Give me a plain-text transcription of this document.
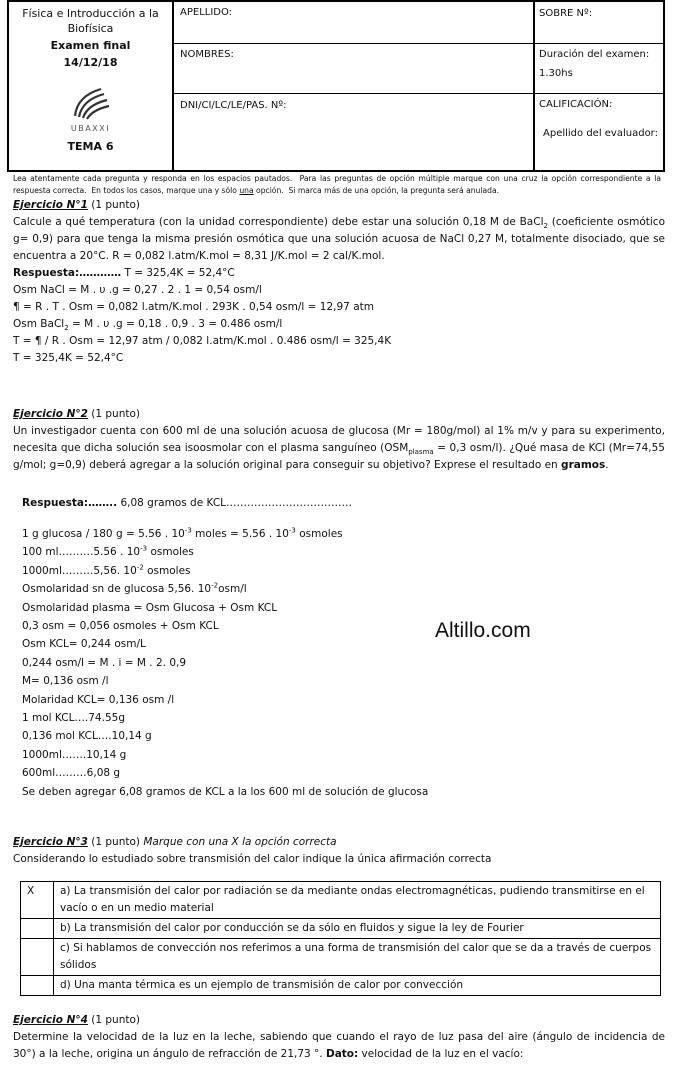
Física e Introducción a la Biofísica
Examen final
14/12/18
UBAXXI
TEMA 6
APELLIDO:
NOMBRES:
DNI/CI/LC/LE/PAS. Nº:
SOBRE Nº:
Duración del examen:
1.30hs
CALIFICACIÓN:
Apellido del evaluador:
Lea atentamente cada pregunta y responda en los espacios pautados. Para las preguntas de opción múltiple marque con una cruz la opción correspondiente a la respuesta correcta. En todos los casos, marque una y sólo una opción. Si marca más de una opción, la pregunta será anulada.
Ejercicio N°1 (1 punto)
Calcule a qué temperatura (con la unidad correspondiente) debe estar una solución 0,18 M de BaCl$_2$ (coeficiente osmótico g= 0,9) para que tenga la misma presión osmótica que una solución acuosa de NaCl 0,27 M, totalmente disociado, que se encuentra a 20°C. R = 0,082 l.atm/K.mol = 8,31 J/K.mol = 2 cal/K.mol.
Respuesta:………… T = 325,4K = 52,4°C
Osm NaCl = M . υ .g = 0,27 . 2 . 1 = 0,54 osm/l
¶ = R . T . Osm = 0,082 l.atm/K.mol . 293K . 0,54 osm/l = 12,97 atm
Osm BaCl$_2$ = M . υ .g = 0,18 . 0,9 . 3 = 0.486 osm/l
T = ¶ / R . Osm = 12,97 atm / 0,082 l.atm/K.mol . 0.486 osm/l = 325,4K
T = 325,4K = 52,4°C
Ejercicio N°2 (1 punto)
Un investigador cuenta con 600 ml de una solución acuosa de glucosa (Mr = 180g/mol) al 1% m/v y para su experimento, necesita que dicha solución sea isoosmolar con el plasma sanguíneo ($OSM_{plasma} = 0,3$ osm/l). ¿Qué masa de KCl (Mr=74,55 g/mol; g=0,9) deberá agregar a la solución original para conseguir su objetivo? Exprese el resultado en gramos.
Respuesta:…….. 6,08 gramos de KCL………………………………
1 g glucosa / 180 g = 5.56 . $10^{-3}$ moles = 5.56 . $10^{-3}$ osmoles
100 ml……….5.56 . $10^{-3}$ osmoles
1000ml………5,56. $10^{-2}$ osmoles
Osmolaridad sn de glucosa 5,56. $10^{-2}osm/l$
Osmolaridad plasma = Osm Glucosa + Osm KCL
0,3 osm = 0,056 osmoles + Osm KCL
Osm KCL= 0,244 osm/L
0,244 osm/l = M . i = M . 2. 0,9
M= 0,136 osm /l
Molaridad KCL= 0,136 osm /l
1 mol KCL….74.55g
0,136 mol KCL….10,14 g
1000ml…….10,14 g
600ml………6,08 g
Se deben agregar 6,08 gramos de KCL a la los 600 ml de solución de glucosa
Altillo.com
Ejercicio N°3 (1 punto) Marque con una X la opción correcta
Considerando lo estudiado sobre transmisión del calor indique la única afirmación correcta
X	a) La transmisión del calor por radiación se da mediante ondas electromagnéticas, pudiendo transmitirse en el vacío o en un medio material
	b) La transmisión del calor por conducción se da sólo en fluidos y sigue la ley de Fourier
	c) Si hablamos de convección nos referimos a una forma de transmisión del calor que se da a través de cuerpos sólidos
	d) Una manta térmica es un ejemplo de transmisión de calor por convección
Ejercicio N°4 (1 punto)
Determine la velocidad de la luz en la leche, sabiendo que cuando el rayo de luz pasa del aire (ángulo de incidencia de 30°) a la leche, origina un ángulo de refracción de 21,73 °. Dato: velocidad de la luz en el vacío:
